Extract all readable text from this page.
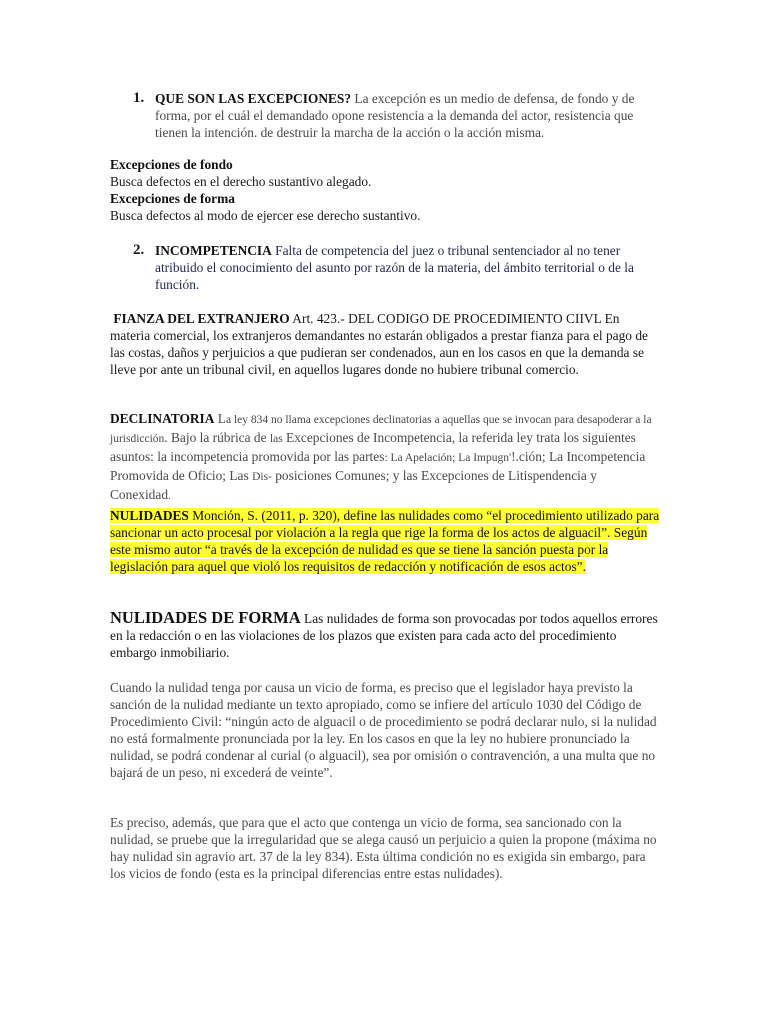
1. QUE SON LAS EXCEPCIONES? La excepción es un medio de defensa, de fondo y de forma, por el cuál el demandado opone resistencia a la demanda del actor, resistencia que tienen la intención. de destruir la marcha de la acción o la acción misma.
Excepciones de fondo
Busca defectos en el derecho sustantivo alegado.
Excepciones de forma
Busca defectos al modo de ejercer ese derecho sustantivo.
2. INCOMPETENCIA Falta de competencia del juez o tribunal sentenciador al no tener atribuido el conocimiento del asunto por razón de la materia, del ámbito territorial o de la función.
FIANZA DEL EXTRANJERO Art. 423.- DEL CODIGO DE PROCEDIMIENTO CIIVL En materia comercial, los extranjeros demandantes no estarán obligados a prestar fianza para el pago de las costas, daños y perjuicios a que pudieran ser condenados, aun en los casos en que la demanda se lleve por ante un tribunal civil, en aquellos lugares donde no hubiere tribunal comercio.
DECLINATORIA La ley 834 no llama excepciones declinatorias a aquellas que se invocan para desapoderar a la jurisdicción. Bajo la rúbrica de las Excepciones de Incompetencia, la referida ley trata los siguientes asuntos: la incompetencia promovida por las partes: La Apelación; La Impugn'!.ción; La Incompetencia Promovida de Oficio; Las Dis- posiciones Comunes; y las Excepciones de Litispendencia y Conexidad.
NULIDADES Monción, S. (2011, p. 320), define las nulidades como “el procedimiento utilizado para sancionar un acto procesal por violación a la regla que rige la forma de los actos de alguacil”. Según este mismo autor “a través de la excepción de nulidad es que se tiene la sanción puesta por la legislación para aquel que violó los requisitos de redacción y notificación de esos actos”.
NULIDADES DE FORMA Las nulidades de forma son provocadas por todos aquellos errores en la redacción o en las violaciones de los plazos que existen para cada acto del procedimiento embargo inmobiliario.
Cuando la nulidad tenga por causa un vicio de forma, es preciso que el legislador haya previsto la sanción de la nulidad mediante un texto apropiado, como se infiere del artículo 1030 del Código de Procedimiento Civil: “ningún acto de alguacil o de procedimiento se podrá declarar nulo, si la nulidad no está formalmente pronunciada por la ley. En los casos en que la ley no hubiere pronunciado la nulidad, se podrá condenar al curial (o alguacil), sea por omisión o contravención, a una multa que no bajará de un peso, ni excederá de veinte”.
Es preciso, además, que para que el acto que contenga un vicio de forma, sea sancionado con la nulidad, se pruebe que la irregularidad que se alega causó un perjuicio a quien la propone (máxima no hay nulidad sin agravio art. 37 de la ley 834). Esta última condición no es exigida sin embargo, para los vicios de fondo (esta es la principal diferencias entre estas nulidades).
